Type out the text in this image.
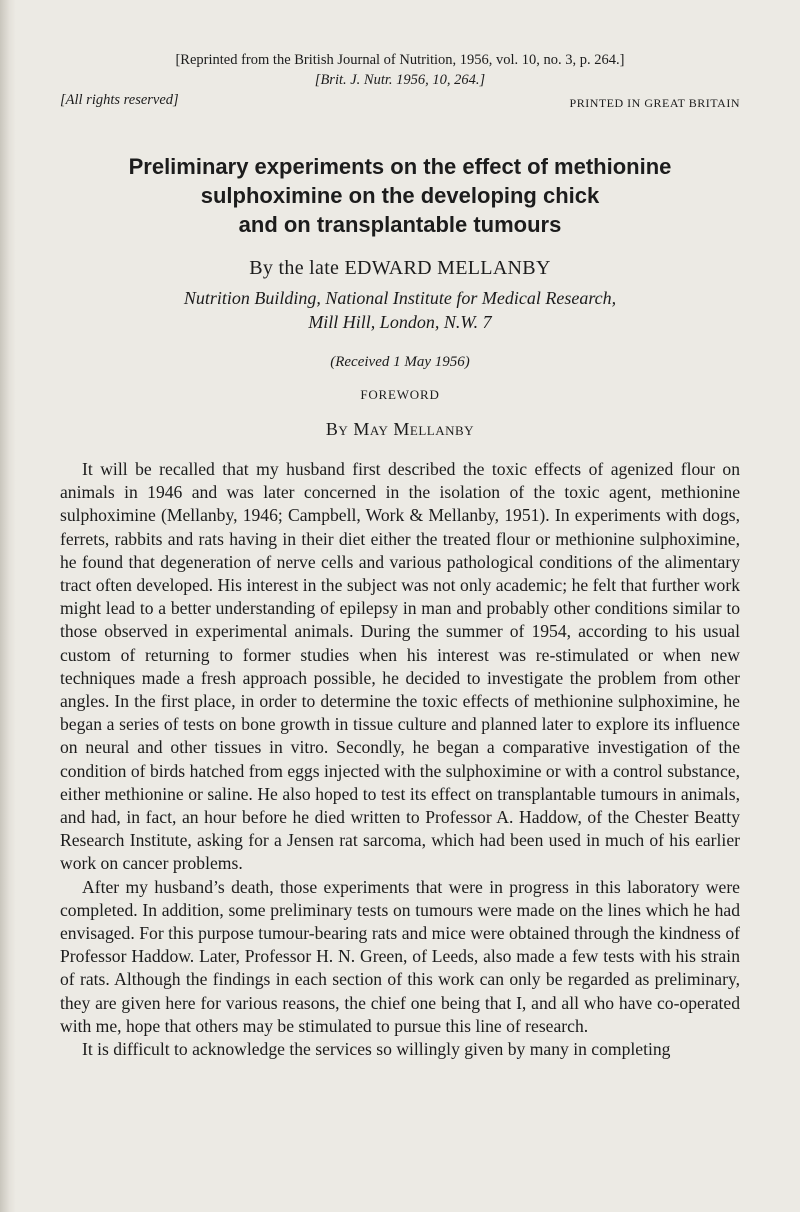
[Reprinted from the British Journal of Nutrition, 1956, vol. 10, no. 3, p. 264.]
[Brit. J. Nutr. 1956, 10, 264.]
[All rights reserved]	PRINTED IN GREAT BRITAIN
Preliminary experiments on the effect of methionine
sulphoximine on the developing chick
and on transplantable tumours
By the late EDWARD MELLANBY
Nutrition Building, National Institute for Medical Research,
Mill Hill, London, N.W. 7
(Received 1 May 1956)
FOREWORD
By May Mellanby

It will be recalled that my husband first described the toxic effects of agenized flour on animals in 1946 and was later concerned in the isolation of the toxic agent, methionine sulphoximine (Mellanby, 1946; Campbell, Work & Mellanby, 1951). In experiments with dogs, ferrets, rabbits and rats having in their diet either the treated flour or methionine sulphoximine, he found that degeneration of nerve cells and various pathological conditions of the alimentary tract often developed. His interest in the subject was not only academic; he felt that further work might lead to a better understanding of epilepsy in man and probably other conditions similar to those observed in experimental animals. During the summer of 1954, according to his usual custom of returning to former studies when his interest was re-stimulated or when new techniques made a fresh approach possible, he decided to investigate the problem from other angles. In the first place, in order to determine the toxic effects of methionine sulphoximine, he began a series of tests on bone growth in tissue culture and planned later to explore its influence on neural and other tissues in vitro. Secondly, he began a comparative investigation of the condition of birds hatched from eggs injected with the sulphoximine or with a control substance, either methionine or saline. He also hoped to test its effect on transplantable tumours in animals, and had, in fact, an hour before he died written to Professor A. Haddow, of the Chester Beatty Research Institute, asking for a Jensen rat sarcoma, which had been used in much of his earlier work on cancer problems.

After my husband’s death, those experiments that were in progress in this laboratory were completed. In addition, some preliminary tests on tumours were made on the lines which he had envisaged. For this purpose tumour-bearing rats and mice were obtained through the kindness of Professor Haddow. Later, Professor H. N. Green, of Leeds, also made a few tests with his strain of rats. Although the findings in each section of this work can only be regarded as preliminary, they are given here for various reasons, the chief one being that I, and all who have co-operated with me, hope that others may be stimulated to pursue this line of research.

It is difficult to acknowledge the services so willingly given by many in completing
